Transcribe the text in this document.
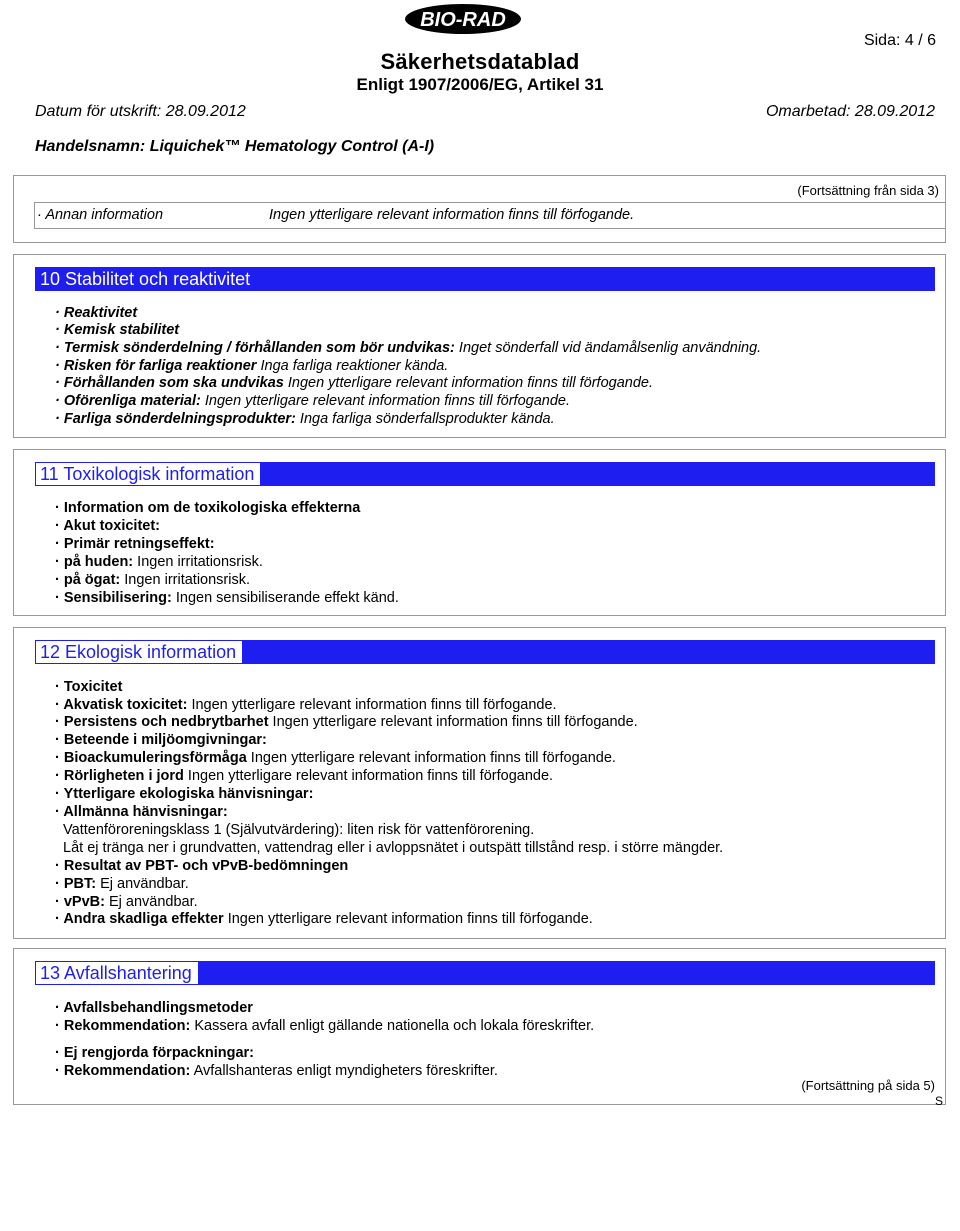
BIO-RAD
Sida: 4 / 6
Säkerhetsdatablad
Enligt 1907/2006/EG, Artikel 31
Datum för utskrift: 28.09.2012	Omarbetad: 28.09.2012
Handelsnamn: Liquichek™ Hematology Control (A-I)
(Fortsättning från sida 3)
· Annan information	Ingen ytterligare relevant information finns till förfogande.
10 Stabilitet och reaktivitet
· Reaktivitet
· Kemisk stabilitet
· Termisk sönderdelning / förhållanden som bör undvikas: Inget sönderfall vid ändamålsenlig användning.
· Risken för farliga reaktioner Inga farliga reaktioner kända.
· Förhållanden som ska undvikas Ingen ytterligare relevant information finns till förfogande.
· Oförenliga material: Ingen ytterligare relevant information finns till förfogande.
· Farliga sönderdelningsprodukter: Inga farliga sönderfallsprodukter kända.
11 Toxikologisk information
· Information om de toxikologiska effekterna
· Akut toxicitet:
· Primär retningseffekt:
· på huden: Ingen irritationsrisk.
· på ögat: Ingen irritationsrisk.
· Sensibilisering: Ingen sensibiliserande effekt känd.
12 Ekologisk information
· Toxicitet
· Akvatisk toxicitet: Ingen ytterligare relevant information finns till förfogande.
· Persistens och nedbrytbarhet Ingen ytterligare relevant information finns till förfogande.
· Beteende i miljöomgivningar:
· Bioackumuleringsförmåga Ingen ytterligare relevant information finns till förfogande.
· Rörligheten i jord Ingen ytterligare relevant information finns till förfogande.
· Ytterligare ekologiska hänvisningar:
· Allmänna hänvisningar:
Vattenföroreningsklass 1 (Självutvärdering): liten risk för vattenförorening.
Låt ej tränga ner i grundvatten, vattendrag eller i avloppsnätet i outspätt tillstånd resp. i större mängder.
· Resultat av PBT- och vPvB-bedömningen
· PBT: Ej användbar.
· vPvB: Ej användbar.
· Andra skadliga effekter Ingen ytterligare relevant information finns till förfogande.
13 Avfallshantering
· Avfallsbehandlingsmetoder
· Rekommendation: Kassera avfall enligt gällande nationella och lokala föreskrifter.
· Ej rengjorda förpackningar:
· Rekommendation: Avfallshanteras enligt myndigheters föreskrifter.
(Fortsättning på sida 5)
S
